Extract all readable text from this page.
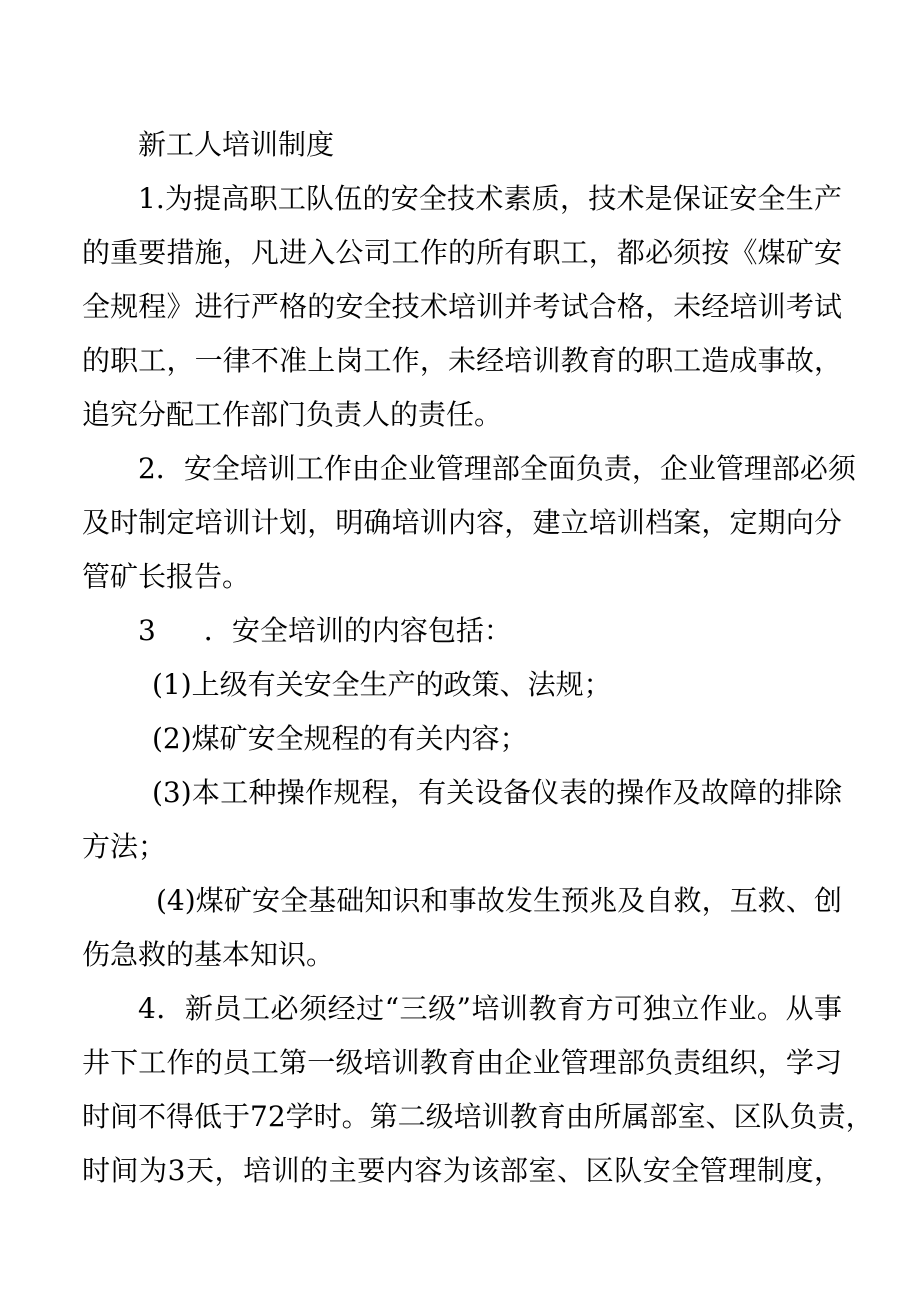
新工人培训制度
1.为提高职工队伍的安全技术素质，技术是保证安全生产
的重要措施，凡进入公司工作的所有职工，都必须按《煤矿安
全规程》进行严格的安全技术培训并考试合格，未经培训考试
的职工，一律不准上岗工作，未经培训教育的职工造成事故，
追究分配工作部门负责人的责任。
2．安全培训工作由企业管理部全面负责，企业管理部必须
及时制定培训计划，明确培训内容，建立培训档案，定期向分
管矿长报告。
3 ．安全培训的内容包括：
(1)上级有关安全生产的政策、法规；
(2)煤矿安全规程的有关内容；
(3)本工种操作规程，有关设备仪表的操作及故障的排除
方法；
(4)煤矿安全基础知识和事故发生预兆及自救，互救、创
伤急救的基本知识。
4．新员工必须经过“三级”培训教育方可独立作业。从事
井下工作的员工第一级培训教育由企业管理部负责组织，学习
时间不得低于72学时。第二级培训教育由所属部室、区队负责，
时间为3天，培训的主要内容为该部室、区队安全管理制度，
